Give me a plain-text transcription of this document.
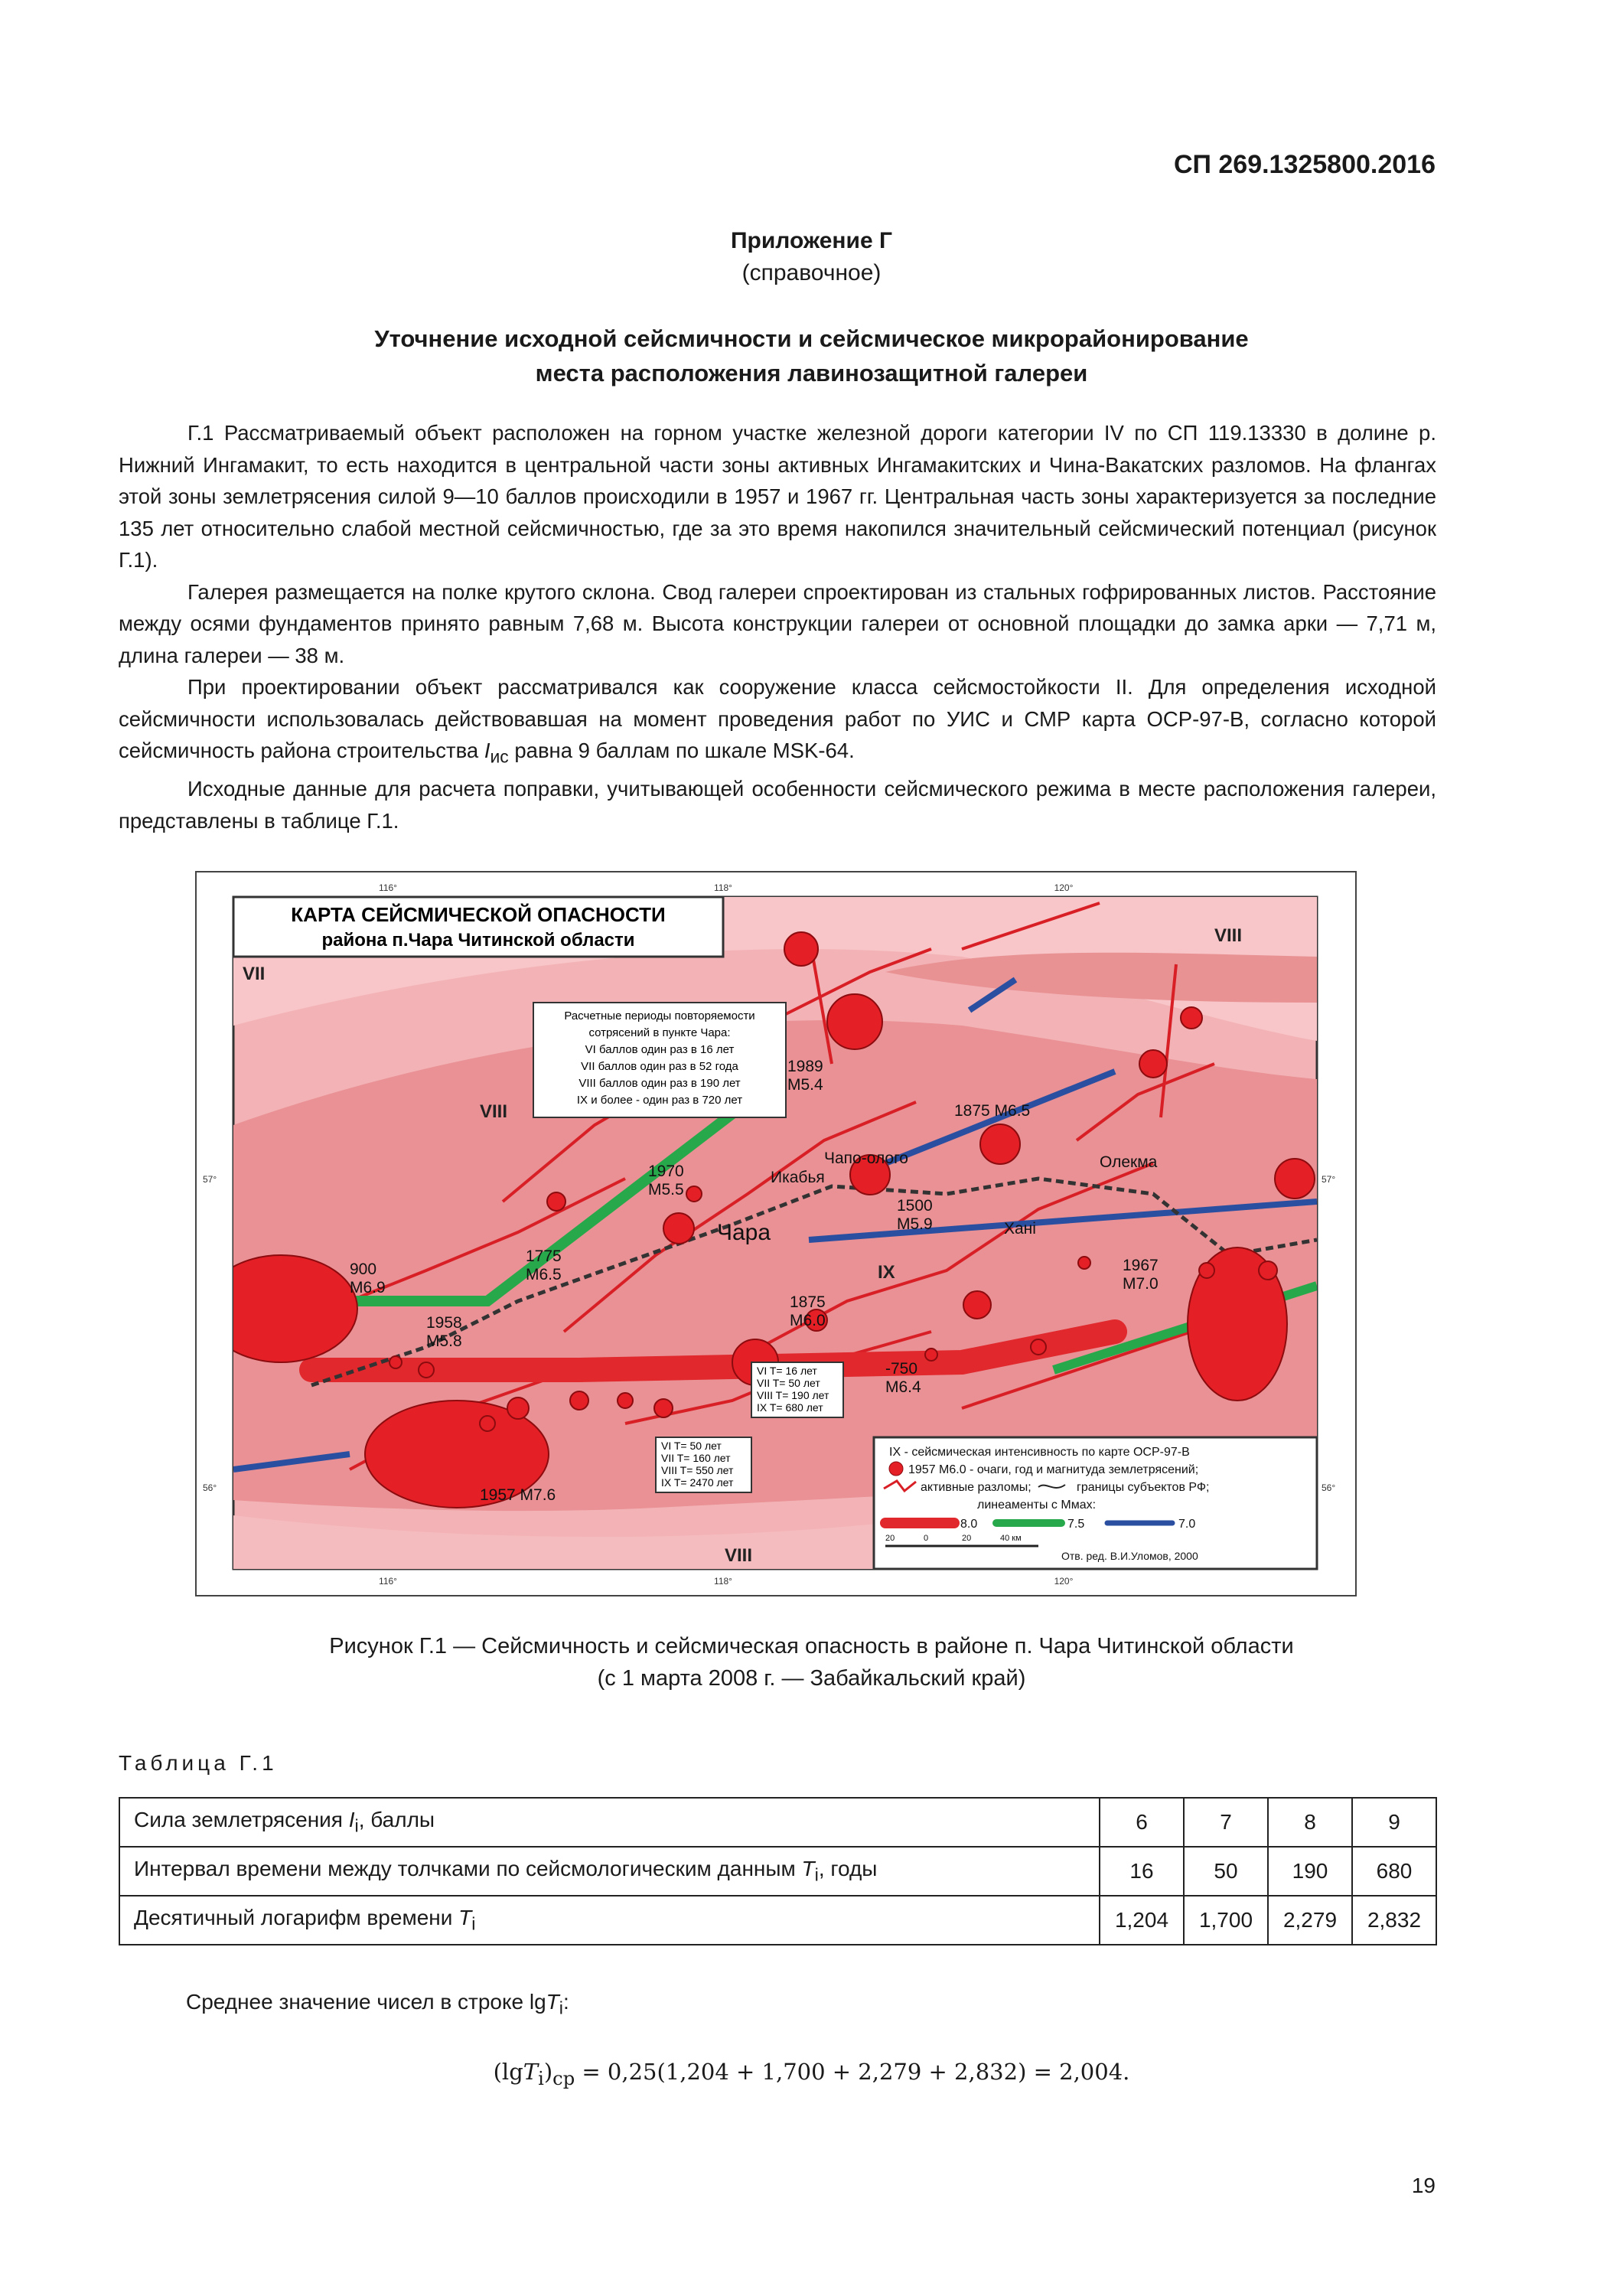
СП 269.1325800.2016
Приложение Г
(справочное)
Уточнение исходной сейсмичности и сейсмическое микрорайонирование
места расположения лавинозащитной галереи

Г.1 Рассматриваемый объект расположен на горном участке железной дороги категории IV по СП 119.13330 в долине р. Нижний Ингамакит, то есть находится в центральной части зоны активных Ингамакитских и Чина-Вакатских разломов. На флангах этой зоны землетрясения силой 9—10 баллов происходили в 1957 и 1967 гг. Центральная часть зоны характеризуется за последние 135 лет относительно слабой местной сейсмичностью, где за это время накопился значительный сейсмический потенциал (рисунок Г.1).

Галерея размещается на полке крутого склона. Свод галереи спроектирован из стальных гофрированных листов. Расстояние между осями фундаментов принято равным 7,68 м. Высота конструкции галереи от основной площадки до замка арки — 7,71 м, длина галереи — 38 м.

При проектировании объект рассматривался как сооружение класса сейсмостойкости II. Для определения исходной сейсмичности использовалась действовавшая на момент проведения работ по УИС и СМР карта ОСР-97-В, согласно которой сейсмичность района строительства $I_{ис}$ равна 9 баллам по шкале MSK-64.

Исходные данные для расчета поправки, учитывающей особенности сейсмического режима в месте расположения галереи, представлены в таблице Г.1.

116°	118°	120°
116°	118°	120°
57°	57°
56°	56°
КАРТА СЕЙСМИЧЕСКОЙ ОПАСНОСТИ
района п.Чара Читинской области
VII
VIII
VIII
IX
VIII
Расчетные периоды повторяемости
сотрясений в пункте Чара:
VI баллов один раз в 16 лет
VII баллов один раз в 52 года
VIII баллов один раз в 190 лет
IX и более - один раз в 720 лет
1989
M5.4
1875 M6.5
1970
M5.5
1500
M5.9
1775
M6.5
900
M6.9
1958
M5.8
1875
M6.0
1967
M7.0
-750
M6.4
1957 M7.6
Чапо-олого
Икабья
Чара	Ханi
Олекма
VI T= 16 лет
VII T= 50 лет
VIII T= 190 лет
IX T= 680 лет
VI T= 50 лет
VII T= 160 лет
VIII T= 550 лет
IX T= 2470 лет
IX - сейсмическая интенсивность по карте ОСР-97-В
1957 M6.0 - очаги, год и магнитуда землетрясений;
активные разломы;	границы субъектов РФ;
линеаменты с Ммах:
8.0	7.5	7.0
20	0	20	40 км
Отв. ред. В.И.Уломов, 2000
Рисунок Г.1 — Сейсмичность и сейсмическая опасность в районе п. Чара Читинской области
(с 1 марта 2008 г. — Забайкальский край)
Таблица Г.1
Сила землетрясения $I_i$, баллы	6	7	8	9
Интервал времени между толчками по сейсмологическим данным $T_i$, годы	16	50	190	680
Десятичный логарифм времени $T_i$	1,204	1,700	2,279	2,832
Среднее значение чисел в строке lgT$_i$:
$(\lg T_i)_{ср} = 0,25(1,204 + 1,700 + 2,279 + 2,832) = 2,004$.
19
